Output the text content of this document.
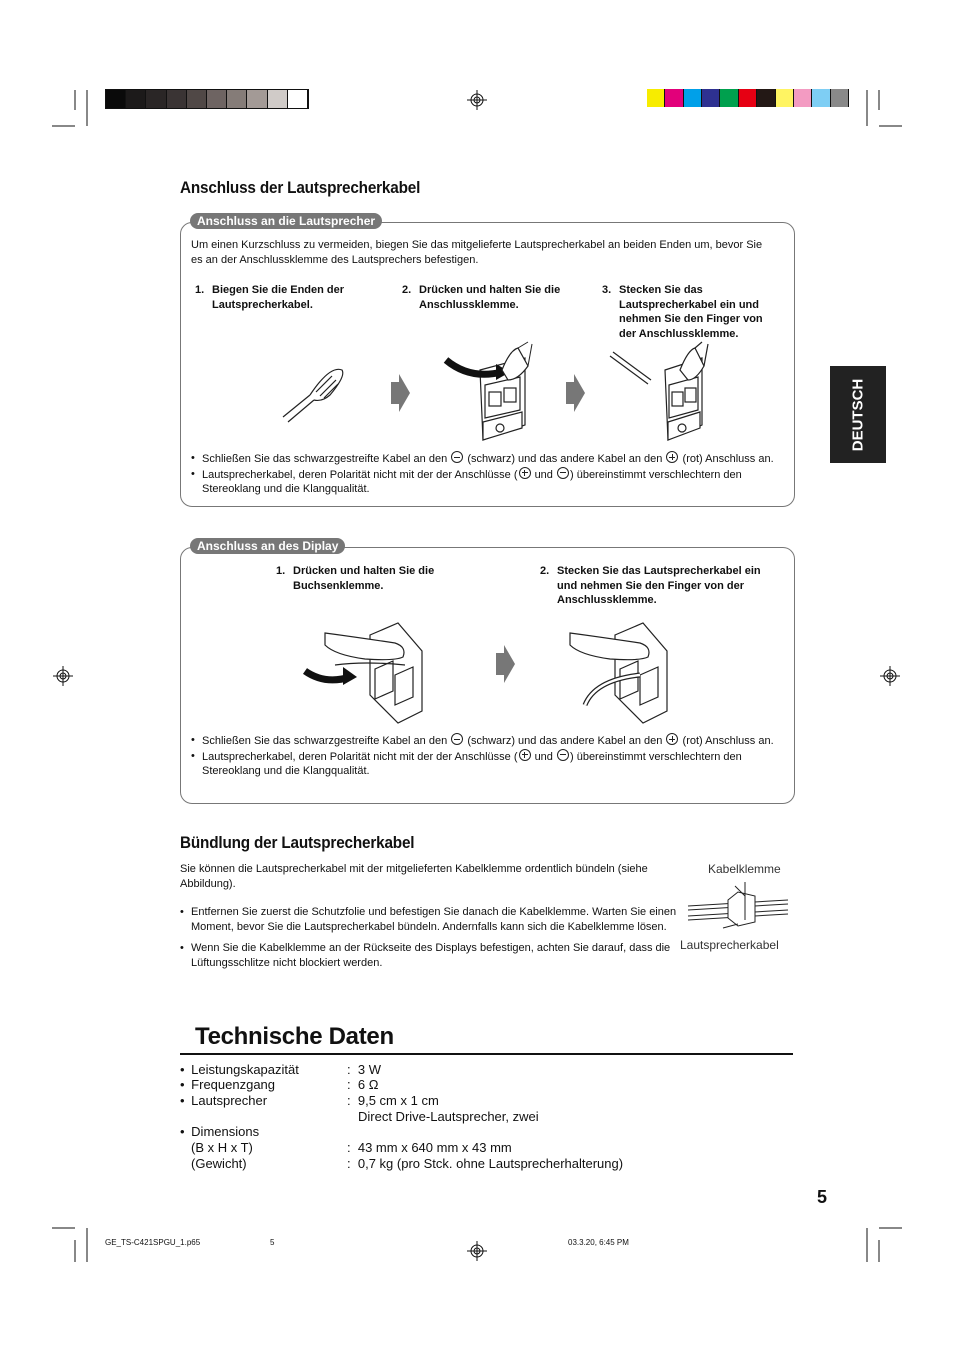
DEUTSCH
Anschluss der Lautsprecherkabel
Anschluss an die Lautsprecher
Um einen Kurzschluss zu vermeiden, biegen Sie das mitgelieferte Lautsprecherkabel an beiden Enden um, bevor Sie es an der Anschlussklemme des Lautsprechers befestigen.
1. Biegen Sie die Enden der Lautsprecherkabel.
2. Drücken und halten Sie die Anschlussklemme.
3. Stecken Sie das Lautsprecherkabel ein und nehmen Sie den Finger von der Anschlussklemme.
• Schließen Sie das schwarzgestreifte Kabel an den (schwarz) und das andere Kabel an den (rot) Anschluss an.
• Lautsprecherkabel, deren Polarität nicht mit der der Anschlüsse ( und ) übereinstimmt verschlechtern den Stereoklang und die Klangqualität.
Anschluss an des Diplay
1. Drücken und halten Sie die Buchsenklemme.
2. Stecken Sie das Lautsprecherkabel ein und nehmen Sie den Finger von der Anschlussklemme.
• Schließen Sie das schwarzgestreifte Kabel an den (schwarz) und das andere Kabel an den (rot) Anschluss an.
• Lautsprecherkabel, deren Polarität nicht mit der der Anschlüsse ( und ) übereinstimmt verschlechtern den Stereoklang und die Klangqualität.
Bündlung der Lautsprecherkabel
Sie können die Lautsprecherkabel mit der mitgelieferten Kabelklemme ordentlich bündeln (siehe Abbildung).
• Entfernen Sie zuerst die Schutzfolie und befestigen Sie danach die Kabelklemme. Warten Sie einen Moment, bevor Sie die Lautsprecherkabel bündeln. Andernfalls kann sich die Kabelklemme lösen.
• Wenn Sie die Kabelklemme an der Rückseite des Displays befestigen, achten Sie darauf, dass die Lüftungsschlitze nicht blockiert werden.
Kabelklemme
Lautsprecherkabel
Technische Daten
• Leistungskapazität	: 3 W
• Frequenzgang	: 6 Ω
• Lautsprecher	: 9,5 cm x 1 cm
Direct Drive-Lautsprecher, zwei
• Dimensions
(B x H x T)	: 43 mm x 640 mm x 43 mm
(Gewicht)	: 0,7 kg (pro Stck. ohne Lautsprecherhalterung)
5
GE_TS-C421SPGU_1.p65	5	03.3.20, 6:45 PM
